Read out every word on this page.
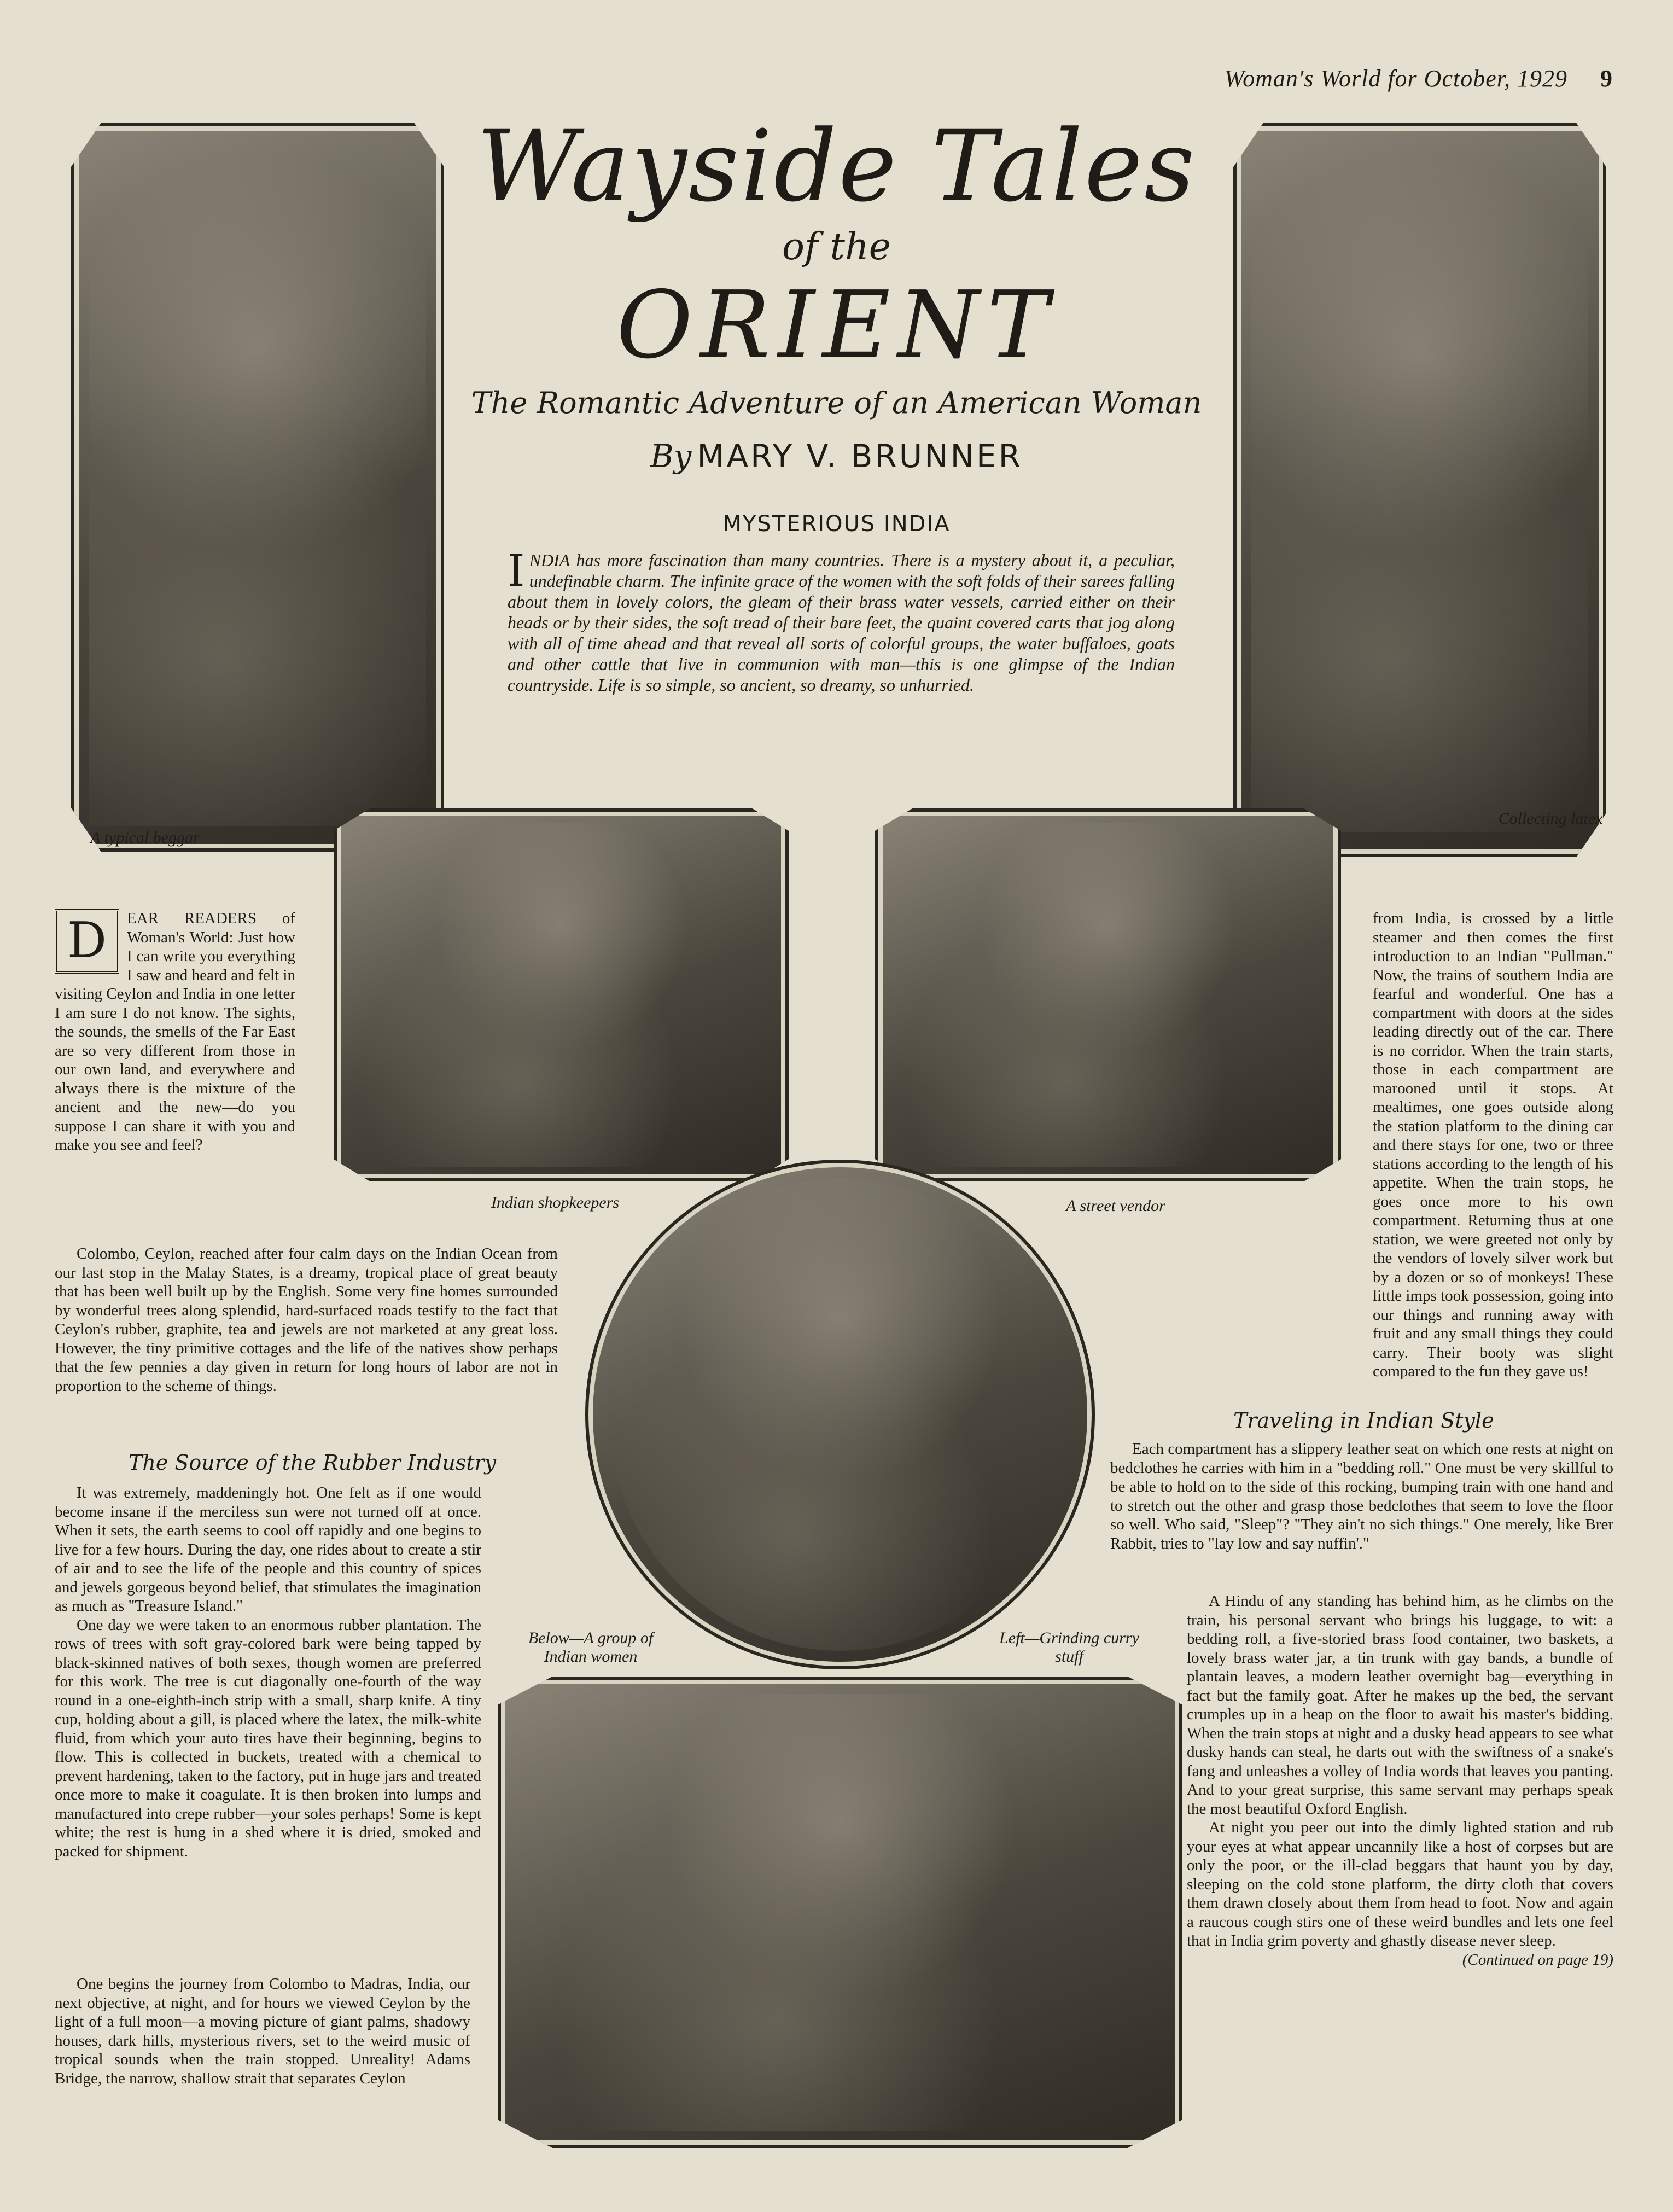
Woman's World for October, 1929 9
Wayside Tales
of the
ORIENT
The Romantic Adventure of an American Woman
By MARY V. BRUNNER
MYSTERIOUS INDIA
INDIA has more fascination than many countries. There is a mystery about it, a peculiar, undefinable charm. The infinite grace of the women with the soft folds of their sarees falling about them in lovely colors, the gleam of their brass water vessels, carried either on their heads or by their sides, the soft tread of their bare feet, the quaint covered carts that jog along with all of time ahead and that reveal all sorts of colorful groups, the water buffaloes, goats and other cattle that live in communion with man—this is one glimpse of the Indian countryside. Life is so simple, so ancient, so dreamy, so unhurried.
A typical beggar
Collecting latex
Indian shopkeepers	A street vendor
Below—A group of Indian women
Left—Grinding curry stuff

D	EAR READERS of Woman's World: Just how I can write you everything I saw and heard and felt in visiting Ceylon and India in one letter I am sure I do not know. The sights, the sounds, the smells of the Far East are so very different from those in our own land, and everywhere and always there is the mixture of the ancient and the new—do you suppose I can share it with you and make you see and feel?

Colombo, Ceylon, reached after four calm days on the Indian Ocean from our last stop in the Malay States, is a dreamy, tropical place of great beauty that has been well built up by the English. Some very fine homes surrounded by wonderful trees along splendid, hard-surfaced roads testify to the fact that Ceylon's rubber, graphite, tea and jewels are not marketed at any great loss. However, the tiny primitive cottages and the life of the natives show perhaps that the few pennies a day given in return for long hours of labor are not in proportion to the scheme of things.

The Source of the Rubber Industry

It was extremely, maddeningly hot. One felt as if one would become insane if the merciless sun were not turned off at once. When it sets, the earth seems to cool off rapidly and one begins to live for a few hours. During the day, one rides about to create a stir of air and to see the life of the people and this country of spices and jewels gorgeous beyond belief, that stimulates the imagination as much as "Treasure Island."

One day we were taken to an enormous rubber plantation. The rows of trees with soft gray-colored bark were being tapped by black-skinned natives of both sexes, though women are preferred for this work. The tree is cut diagonally one-fourth of the way round in a one-eighth-inch strip with a small, sharp knife. A tiny cup, holding about a gill, is placed where the latex, the milk-white fluid, from which your auto tires have their beginning, begins to flow. This is collected in buckets, treated with a chemical to prevent hardening, taken to the factory, put in huge jars and treated once more to make it coagulate. It is then broken into lumps and manufactured into crepe rubber—your soles perhaps! Some is kept white; the rest is hung in a shed where it is dried, smoked and packed for shipment.

One begins the journey from Colombo to Madras, India, our next objective, at night, and for hours we viewed Ceylon by the light of a full moon—a moving picture of giant palms, shadowy houses, dark hills, mysterious rivers, set to the weird music of tropical sounds when the train stopped. Unreality! Adams Bridge, the narrow, shallow strait that separates Ceylon

from India, is crossed by a little steamer and then comes the first introduction to an Indian "Pullman." Now, the trains of southern India are fearful and wonderful. One has a compartment with doors at the sides leading directly out of the car. There is no corridor. When the train starts, those in each compartment are marooned until it stops. At mealtimes, one goes outside along the station platform to the dining car and there stays for one, two or three stations according to the length of his appetite. When the train stops, he goes once more to his own compartment. Returning thus at one station, we were greeted not only by the vendors of lovely silver work but by a dozen or so of monkeys! These little imps took possession, going into our things and running away with fruit and any small things they could carry. Their booty was slight compared to the fun they gave us!

Traveling in Indian Style

Each compartment has a slippery leather seat on which one rests at night on bedclothes he carries with him in a "bedding roll." One must be very skillful to be able to hold on to the side of this rocking, bumping train with one hand and to stretch out the other and grasp those bedclothes that seem to love the floor so well. Who said, "Sleep"? "They ain't no sich things." One merely, like Brer Rabbit, tries to "lay low and say nuffin'."

A Hindu of any standing has behind him, as he climbs on the train, his personal servant who brings his luggage, to wit: a bedding roll, a five-storied brass food container, two baskets, a lovely brass water jar, a tin trunk with gay bands, a bundle of plantain leaves, a modern leather overnight bag—everything in fact but the family goat. After he makes up the bed, the servant crumples up in a heap on the floor to await his master's bidding. When the train stops at night and a dusky head appears to see what dusky hands can steal, he darts out with the swiftness of a snake's fang and unleashes a volley of India words that leaves you panting. And to your great surprise, this same servant may perhaps speak the most beautiful Oxford English.

At night you peer out into the dimly lighted station and rub your eyes at what appear uncannily like a host of corpses but are only the poor, or the ill-clad beggars that haunt you by day, sleeping on the cold stone platform, the dirty cloth that covers them drawn closely about them from head to foot. Now and again a raucous cough stirs one of these weird bundles and lets one feel that in India grim poverty and ghastly disease never sleep.

(Continued on page 19)
